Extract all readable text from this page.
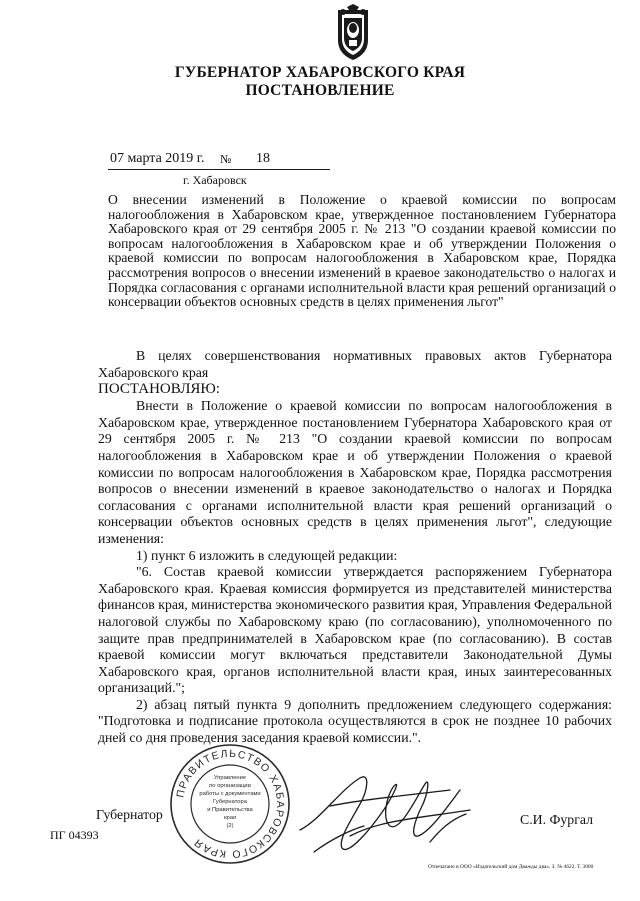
ГУБЕРНАТОР ХАБАРОВСКОГО КРАЯ
ПОСТАНОВЛЕНИЕ
07 марта 2019 г. № 18
г. Хабаровск
О внесении изменений в Положение о краевой комиссии по вопросам налогообложения в Хабаровском крае, утвержденное постановлением Губернатора Хабаровского края от 29 сентября 2005 г. № 213 "О создании краевой комиссии по вопросам налогообложения в Хабаровском крае и об утверждении Положения о краевой комиссии по вопросам налогообложения в Хабаровском крае, Порядка рассмотрения вопросов о внесении изменений в краевое законодательство о налогах и Порядка согласования с органами исполнительной власти края решений организаций о консервации объектов основных средств в целях применения льгот"

В целях совершенствования нормативных правовых актов Губернатора Хабаровского края

ПОСТАНОВЛЯЮ:

Внести в Положение о краевой комиссии по вопросам налогообложения в Хабаровском крае, утвержденное постановлением Губернатора Хабаровского края от 29 сентября 2005 г. № 213 "О создании краевой комиссии по вопросам налогообложения в Хабаровском крае и об утверждении Положения о краевой комиссии по вопросам налогообложения в Хабаровском крае, Порядка рассмотрения вопросов о внесении изменений в краевое законодательство о налогах и Порядка согласования с органами исполнительной власти края решений организаций о консервации объектов основных средств в целях применения льгот", следующие изменения:

1) пункт 6 изложить в следующей редакции:

"6. Состав краевой комиссии утверждается распоряжением Губернатора Хабаровского края. Краевая комиссия формируется из представителей министерства финансов края, министерства экономического развития края, Управления Федеральной налоговой службы по Хабаровскому краю (по согласованию), уполномоченного по защите прав предпринимателей в Хабаровском крае (по согласованию). В состав краевой комиссии могут включаться представители Законодательной Думы Хабаровского края, органов исполнительной власти края, иных заинтересованных организаций.";

2) абзац пятый пункта 9 дополнить предложением следующего содержания: "Подготовка и подписание протокола осуществляются в срок не позднее 10 рабочих дней со дня проведения заседания краевой комиссии.".

ПРАВИТЕЛЬСТВО ХАБАРОВСКОГО КРАЯ
Управление
по организации
работы с документами
Губернатора
и Правительства
края
(2)
Губернатор	С.И. Фургал
ПГ 04393
Отпечатано в ООО «Издательский дом Дважды два». З. № 4622. Т. 3000
